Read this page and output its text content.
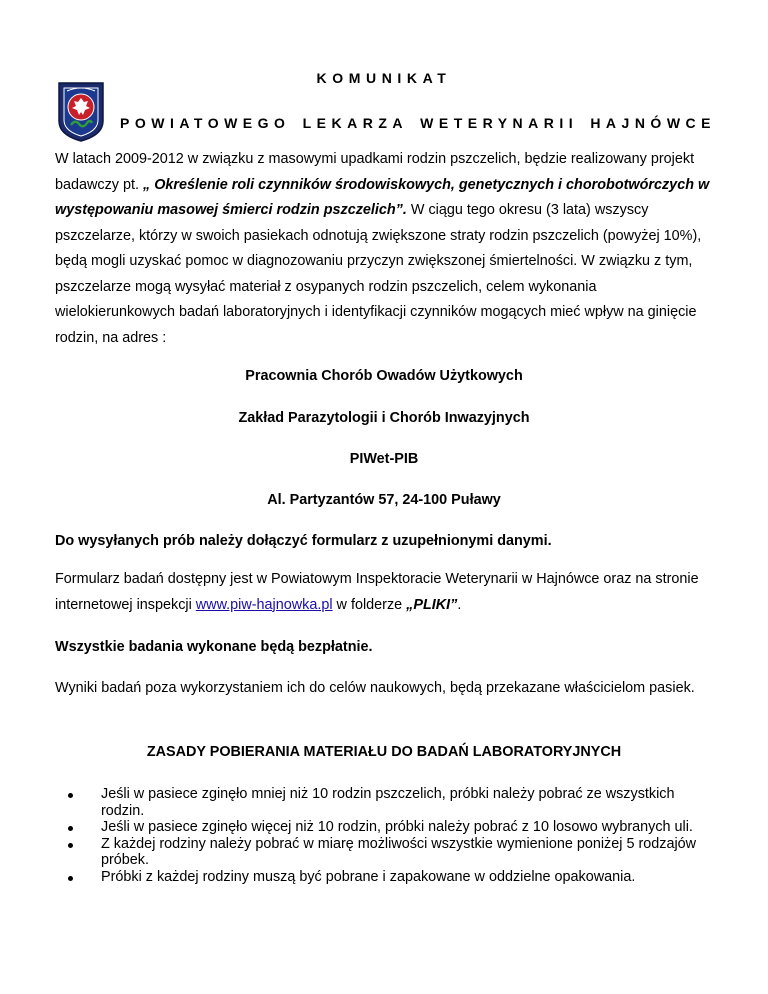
KOMUNIKAT
POWIATOWEGO LEKARZA WETERYNARII HAJNÓWCE
W latach 2009-2012 w związku z masowymi upadkami rodzin pszczelich, będzie realizowany projekt badawczy pt. „ Określenie roli czynników środowiskowych, genetycznych i chorobotwórczych w występowaniu masowej śmierci rodzin pszczelich”. W ciągu tego okresu (3 lata) wszyscy pszczelarze, którzy w swoich pasiekach odnotują zwiększone straty rodzin pszczelich (powyżej 10%), będą mogli uzyskać pomoc w diagnozowaniu przyczyn zwiększonej śmiertelności. W związku z tym, pszczelarze mogą wysyłać materiał z osypanych rodzin pszczelich, celem wykonania wielokierunkowych badań laboratoryjnych i identyfikacji czynników mogących mieć wpływ na ginięcie rodzin, na adres :
Pracownia Chorób Owadów Użytkowych
Zakład Parazytologii i Chorób Inwazyjnych
PIWet-PIB
Al. Partyzantów 57, 24-100 Puławy
Do wysyłanych prób należy dołączyć formularz z uzupełnionymi danymi.
Formularz badań dostępny jest w Powiatowym Inspektoracie Weterynarii w Hajnówce oraz na stronie internetowej inspekcji www.piw-hajnowka.pl w folderze „PLIKI”.
Wszystkie badania wykonane będą bezpłatnie.
Wyniki badań poza wykorzystaniem ich do celów naukowych, będą przekazane właścicielom pasiek.
ZASADY POBIERANIA MATERIAŁU DO BADAŃ LABORATORYJNYCH
Jeśli w pasiece zginęło mniej niż 10 rodzin pszczelich, próbki należy pobrać ze wszystkich rodzin.
Jeśli w pasiece zginęło więcej niż 10 rodzin, próbki należy pobrać z 10 losowo wybranych uli.
Z każdej rodziny należy pobrać w miarę możliwości wszystkie wymienione poniżej 5 rodzajów próbek.
Próbki z każdej rodziny muszą być pobrane i zapakowane w oddzielne opakowania.
